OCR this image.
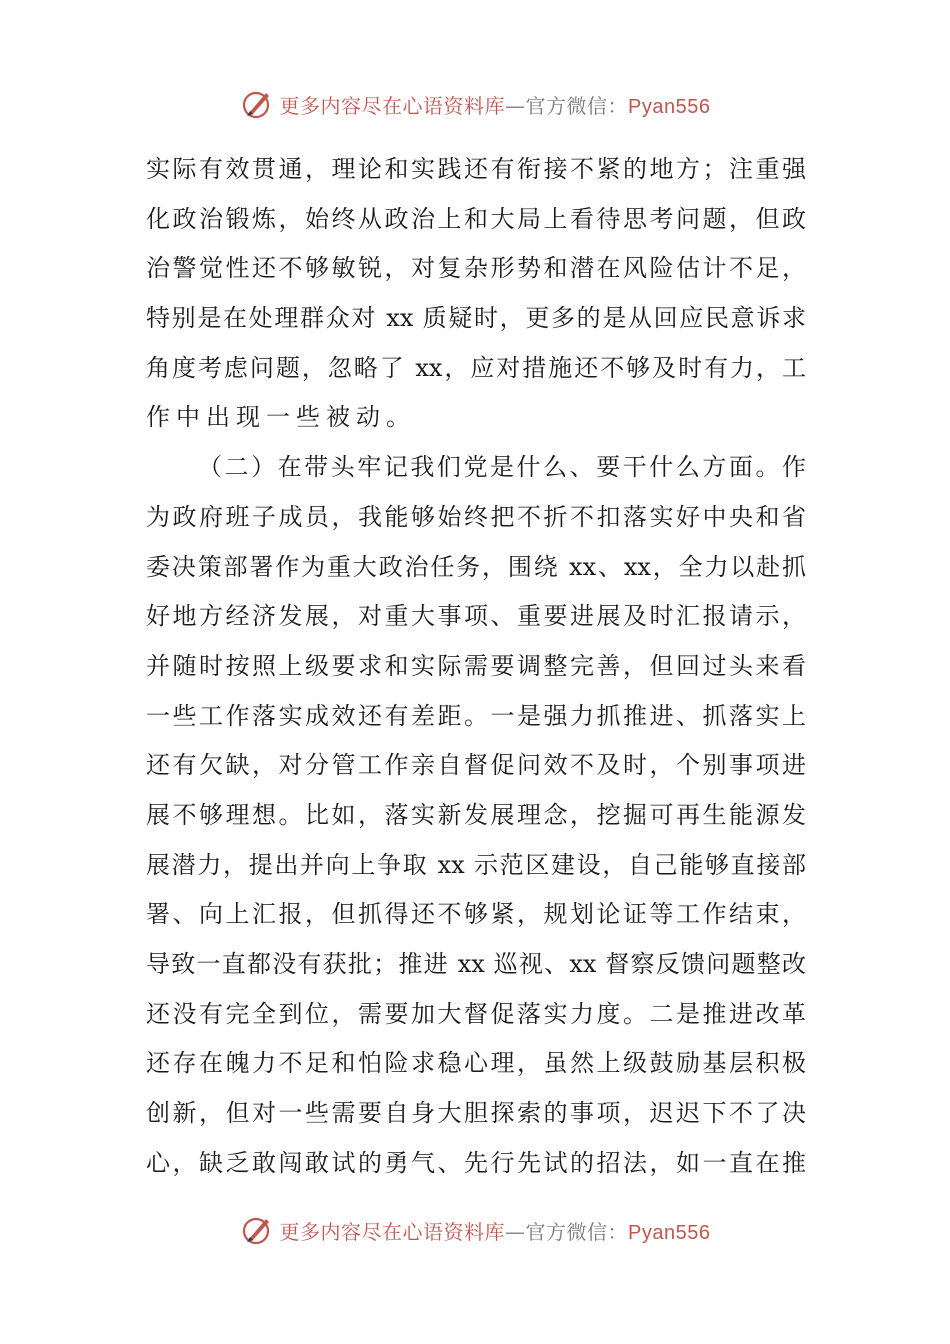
更多内容尽在心语资料库—官方微信：Pyan556
实际有效贯通，理论和实践还有衔接不紧的地方；注重强
化政治锻炼，始终从政治上和大局上看待思考问题，但政
治警觉性还不够敏锐，对复杂形势和潜在风险估计不足，
特别是在处理群众对 xx 质疑时，更多的是从回应民意诉求
角度考虑问题，忽略了 xx，应对措施还不够及时有力，工
作中出现一些被动。
（二）在带头牢记我们党是什么、要干什么方面。作
为政府班子成员，我能够始终把不折不扣落实好中央和省
委决策部署作为重大政治任务，围绕 xx、xx，全力以赴抓
好地方经济发展，对重大事项、重要进展及时汇报请示，
并随时按照上级要求和实际需要调整完善，但回过头来看
一些工作落实成效还有差距。一是强力抓推进、抓落实上
还有欠缺，对分管工作亲自督促问效不及时，个别事项进
展不够理想。比如，落实新发展理念，挖掘可再生能源发
展潜力，提出并向上争取 xx 示范区建设，自己能够直接部
署、向上汇报，但抓得还不够紧，规划论证等工作结束，
导致一直都没有获批；推进 xx 巡视、xx 督察反馈问题整改
还没有完全到位，需要加大督促落实力度。二是推进改革
还存在魄力不足和怕险求稳心理，虽然上级鼓励基层积极
创新，但对一些需要自身大胆探索的事项，迟迟下不了决
心，缺乏敢闯敢试的勇气、先行先试的招法，如一直在推
更多内容尽在心语资料库—官方微信：Pyan556
